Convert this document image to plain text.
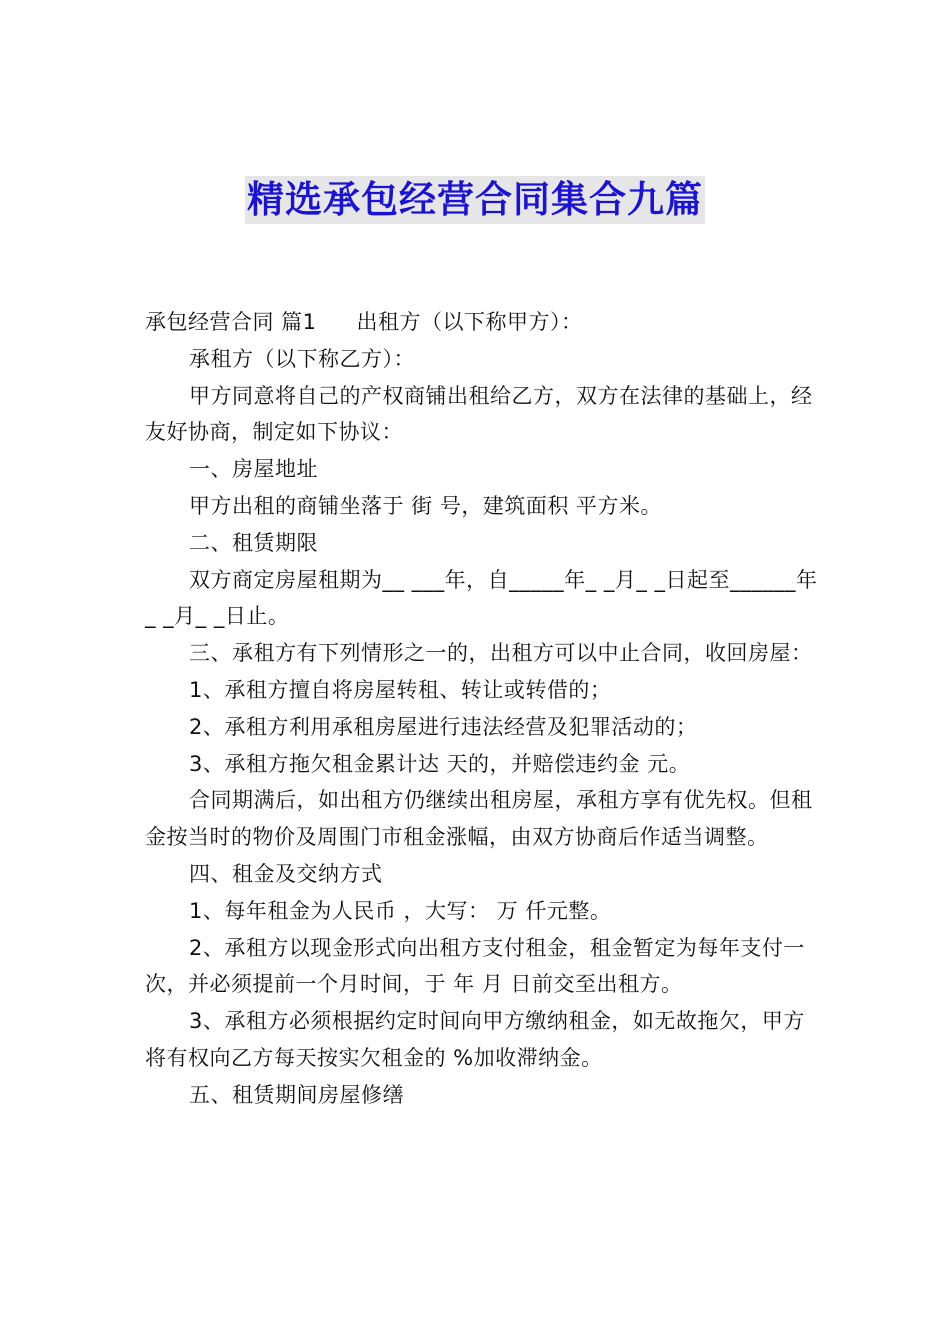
精选承包经营合同集合九篇

承包经营合同 篇1 出租方（以下称甲方）：

承租方（以下称乙方）：

甲方同意将自己的产权商铺出租给乙方，双方在法律的基础上，经友好协商，制定如下协议：

一、房屋地址

甲方出租的商铺坐落于 街 号，建筑面积 平方米。

二、租赁期限

双方商定房屋租期为__ ___年，自_____年_ _月_ _日起至______年_ _月_ _日止。

三、承租方有下列情形之一的，出租方可以中止合同，收回房屋：

1、承租方擅自将房屋转租、转让或转借的；

2、承租方利用承租房屋进行违法经营及犯罪活动的；

3、承租方拖欠租金累计达 天的，并赔偿违约金 元。

合同期满后，如出租方仍继续出租房屋，承租方享有优先权。但租金按当时的物价及周围门市租金涨幅，由双方协商后作适当调整。

四、租金及交纳方式

1、每年租金为人民币 ，大写： 万 仟元整。

2、承租方以现金形式向出租方支付租金，租金暂定为每年支付一次，并必须提前一个月时间，于 年 月 日前交至出租方。

3、承租方必须根据约定时间向甲方缴纳租金，如无故拖欠，甲方将有权向乙方每天按实欠租金的 %加收滞纳金。

五、租赁期间房屋修缮
